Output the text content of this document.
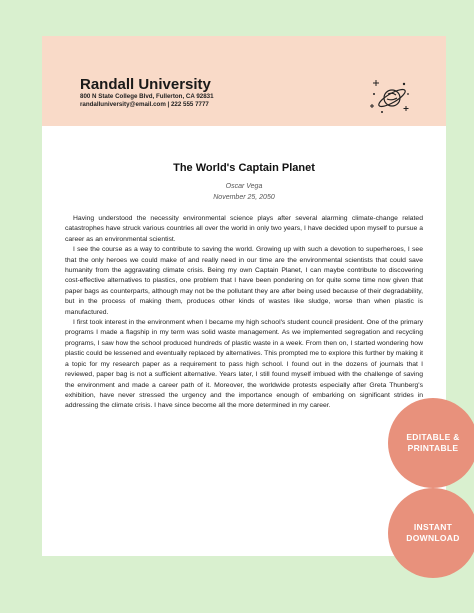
Randall University
800 N State College Blvd, Fullerton, CA 92831
randalluniversity@email.com | 222 555 7777
The World's Captain Planet
Oscar Vega
November 25, 2050

Having understood the necessity environmental science plays after several alarming climate-change related catastrophes have struck various countries all over the world in only two years, I have decided upon myself to pursue a career as an environmental scientist.

I see the course as a way to contribute to saving the world. Growing up with such a devotion to superheroes, I see that the only heroes we could make of and really need in our time are the environmental scientists that could save humanity from the aggravating climate crisis. Being my own Captain Planet, I can maybe contribute to discovering cost-effective alternatives to plastics, one problem that I have been pondering on for quite some time now given that paper bags as counterparts, although may not be the pollutant they are after being used because of their degradability, but in the process of making them, produces other kinds of wastes like sludge, worse than when plastic is manufactured.

I first took interest in the environment when I became my high school's student council president. One of the primary programs I made a flagship in my term was solid waste management. As we implemented segregation and recycling programs, I saw how the school produced hundreds of plastic waste in a week. From then on, I started wondering how plastic could be lessened and eventually replaced by alternatives. This prompted me to explore this further by making it a topic for my research paper as a requirement to pass high school. I found out in the dozens of journals that I reviewed, paper bag is not a sufficient alternative. Years later, I still found myself imbued with the challenge of saving the environment and made a career path of it. Moreover, the worldwide protests especially after Greta Thunberg's exhibition, have never stressed the urgency and the importance enough of embarking on significant strides in addressing the climate crisis. I have since become all the more determined in my career.

EDITABLE & PRINTABLE
INSTANT DOWNLOAD
